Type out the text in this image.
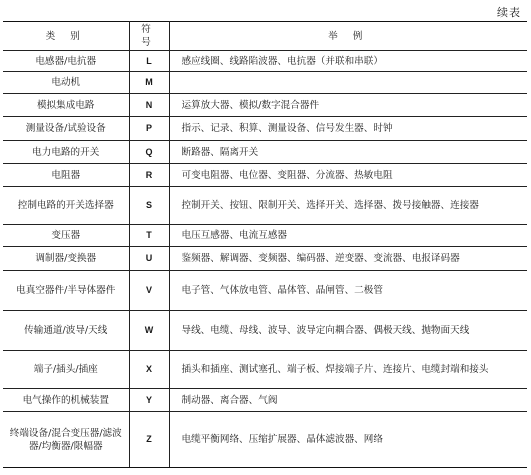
续表
类 别	符 号	举 例
电感器/电抗器	L	感应线圈、线路陷波器、电抗器（并联和串联）
电动机	M	
模拟集成电路	N	运算放大器、模拟/数字混合器件
测量设备/试验设备	P	指示、记录、积算、测量设备、信号发生器、时钟
电力电路的开关	Q	断路器、隔离开关
电阻器	R	可变电阻器、电位器、变阻器、分流器、热敏电阻
控制电路的开关选择器	S	控制开关、按钮、限制开关、选择开关、选择器、拨号接触器、连接器
变压器	T	电压互感器、电流互感器
调制器/变换器	U	鉴频器、解调器、变频器、编码器、逆变器、变流器、电报译码器
电真空器件/半导体器件	V	电子管、气体放电管、晶体管、晶闸管、二极管
传输通道/波导/天线	W	导线、电缆、母线、波导、波导定向耦合器、偶极天线、抛物面天线
端子/插头/插座	X	插头和插座、测试塞孔、端子板、焊接端子片、连接片、电缆封端和接头
电气操作的机械装置	Y	制动器、离合器、气阀
终端设备/混合变压器/滤波器/均衡器/限幅器	Z	电缆平衡网络、压缩扩展器、晶体滤波器、网络
